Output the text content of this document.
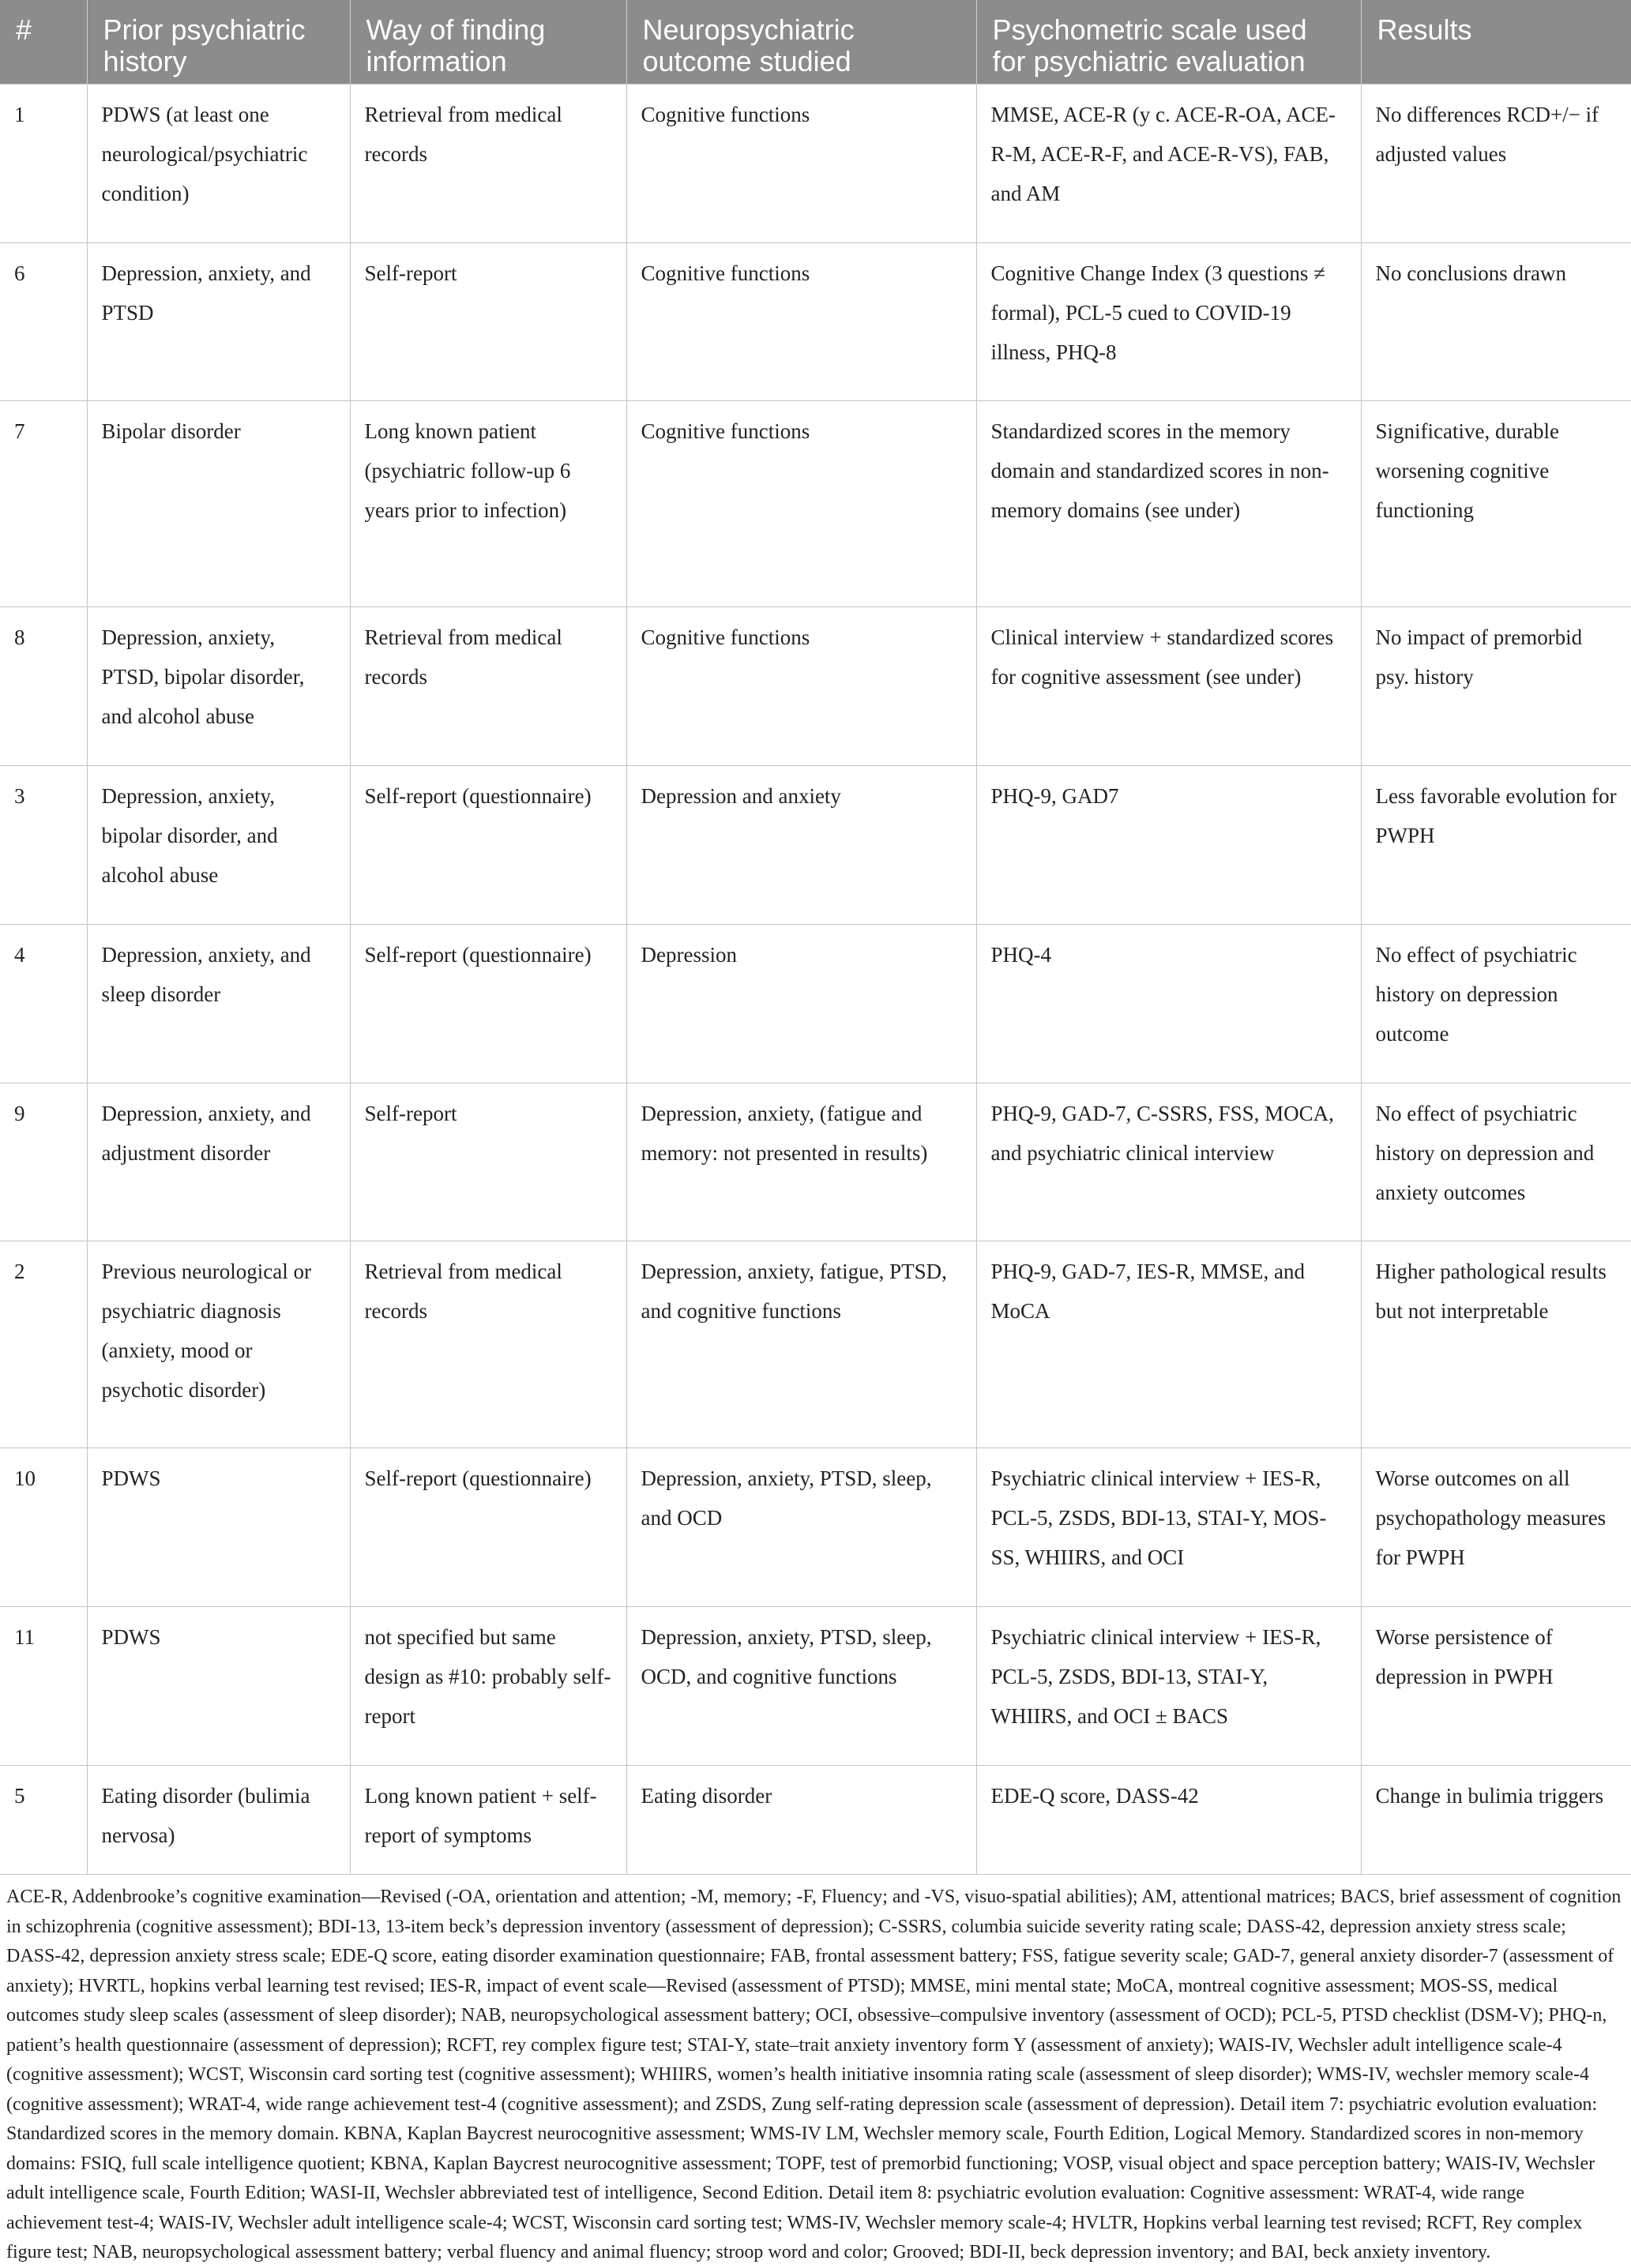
#	Prior psychiatric history	Way of finding information	Neuropsychiatric outcome studied	Psychometric scale used for psychiatric evaluation	Results
1	PDWS (at least one neurological/psychiatric condition)	Retrieval from medical records	Cognitive functions	MMSE, ACE-R (y c. ACE-R-OA, ACE-R-M, ACE-R-F, and ACE-R-VS), FAB, and AM	No differences RCD+/− if adjusted values
6	Depression, anxiety, and PTSD	Self-report	Cognitive functions	Cognitive Change Index (3 questions ≠ formal), PCL-5 cued to COVID-19 illness, PHQ-8	No conclusions drawn
7	Bipolar disorder	Long known patient (psychiatric follow-up 6 years prior to infection)	Cognitive functions	Standardized scores in the memory domain and standardized scores in non-memory domains (see under)	Significative, durable worsening cognitive functioning
8	Depression, anxiety, PTSD, bipolar disorder, and alcohol abuse	Retrieval from medical records	Cognitive functions	Clinical interview + standardized scores for cognitive assessment (see under)	No impact of premorbid psy. history
3	Depression, anxiety, bipolar disorder, and alcohol abuse	Self-report (questionnaire)	Depression and anxiety	PHQ-9, GAD7	Less favorable evolution for PWPH
4	Depression, anxiety, and sleep disorder	Self-report (questionnaire)	Depression	PHQ-4	No effect of psychiatric history on depression outcome
9	Depression, anxiety, and adjustment disorder	Self-report	Depression, anxiety, (fatigue and memory: not presented in results)	PHQ-9, GAD-7, C-SSRS, FSS, MOCA, and psychiatric clinical interview	No effect of psychiatric history on depression and anxiety outcomes
2	Previous neurological or psychiatric diagnosis (anxiety, mood or psychotic disorder)	Retrieval from medical records	Depression, anxiety, fatigue, PTSD, and cognitive functions	PHQ-9, GAD-7, IES-R, MMSE, and MoCA	Higher pathological results but not interpretable
10	PDWS	Self-report (questionnaire)	Depression, anxiety, PTSD, sleep, and OCD	Psychiatric clinical interview + IES-R, PCL-5, ZSDS, BDI-13, STAI-Y, MOS-SS, WHIIRS, and OCI	Worse outcomes on all psychopathology measures for PWPH
11	PDWS	not specified but same design as #10: probably self-report	Depression, anxiety, PTSD, sleep, OCD, and cognitive functions	Psychiatric clinical interview + IES-R, PCL-5, ZSDS, BDI-13, STAI-Y, WHIIRS, and OCI ± BACS	Worse persistence of depression in PWPH
5	Eating disorder (bulimia nervosa)	Long known patient + self-report of symptoms	Eating disorder	EDE-Q score, DASS-42	Change in bulimia triggers
ACE-R, Addenbrooke’s cognitive examination—Revised (-OA, orientation and attention; -M, memory; -F, Fluency; and -VS, visuo-spatial abilities); AM, attentional matrices; BACS, brief assessment of cognition in schizophrenia (cognitive assessment); BDI-13, 13-item beck’s depression inventory (assessment of depression); C-SSRS, columbia suicide severity rating scale; DASS-42, depression anxiety stress scale; DASS-42, depression anxiety stress scale; EDE-Q score, eating disorder examination questionnaire; FAB, frontal assessment battery; FSS, fatigue severity scale; GAD-7, general anxiety disorder-7 (assessment of anxiety); HVRTL, hopkins verbal learning test revised; IES-R, impact of event scale—Revised (assessment of PTSD); MMSE, mini mental state; MoCA, montreal cognitive assessment; MOS-SS, medical outcomes study sleep scales (assessment of sleep disorder); NAB, neuropsychological assessment battery; OCI, obsessive–compulsive inventory (assessment of OCD); PCL-5, PTSD checklist (DSM-V); PHQ-n, patient’s health questionnaire (assessment of depression); RCFT, rey complex figure test; STAI-Y, state–trait anxiety inventory form Y (assessment of anxiety); WAIS-IV, Wechsler adult intelligence scale-4 (cognitive assessment); WCST, Wisconsin card sorting test (cognitive assessment); WHIIRS, women’s health initiative insomnia rating scale (assessment of sleep disorder); WMS-IV, wechsler memory scale-4 (cognitive assessment); WRAT-4, wide range achievement test-4 (cognitive assessment); and ZSDS, Zung self-rating depression scale (assessment of depression). Detail item 7: psychiatric evolution evaluation: Standardized scores in the memory domain. KBNA, Kaplan Baycrest neurocognitive assessment; WMS-IV LM, Wechsler memory scale, Fourth Edition, Logical Memory. Standardized scores in non-memory domains: FSIQ, full scale intelligence quotient; KBNA, Kaplan Baycrest neurocognitive assessment; TOPF, test of premorbid functioning; VOSP, visual object and space perception battery; WAIS-IV, Wechsler adult intelligence scale, Fourth Edition; WASI-II, Wechsler abbreviated test of intelligence, Second Edition. Detail item 8: psychiatric evolution evaluation: Cognitive assessment: WRAT-4, wide range achievement test-4; WAIS-IV, Wechsler adult intelligence scale-4; WCST, Wisconsin card sorting test; WMS-IV, Wechsler memory scale-4; HVLTR, Hopkins verbal learning test revised; RCFT, Rey complex figure test; NAB, neuropsychological assessment battery; verbal fluency and animal fluency; stroop word and color; Grooved; BDI-II, beck depression inventory; and BAI, beck anxiety inventory.
